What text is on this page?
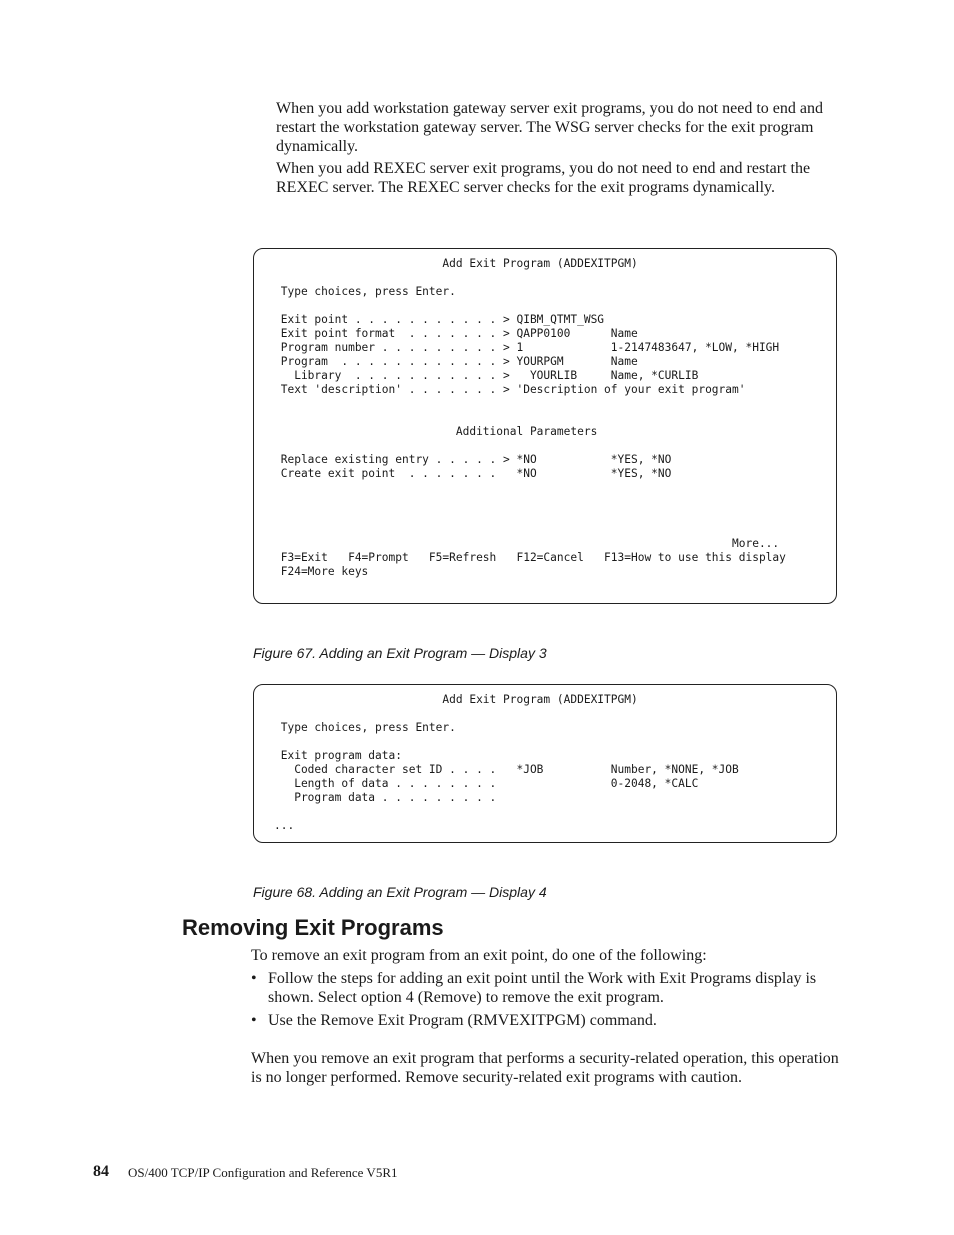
When you add workstation gateway server exit programs, you do not need to end and restart the workstation gateway server. The WSG server checks for the exit program dynamically.

When you add REXEC server exit programs, you do not need to end and restart the REXEC server. The REXEC server checks for the exit programs dynamically.

Add Exit Program (ADDEXITPGM)
Type choices, press Enter.
Exit point . . . . . . . . . . . > QIBM_QTMT_WSG
Exit point format  . . . . . . . > QAPP0100      Name
Program number . . . . . . . . . > 1             1-2147483647, *LOW, *HIGH
Program  . . . . . . . . . . . . > YOURPGM       Name
Library  . . . . . . . . . . . >   YOURLIB     Name, *CURLIB
Text 'description' . . . . . . . > 'Description of your exit program'
Additional Parameters
Replace existing entry . . . . . > *NO           *YES, *NO
Create exit point  . . . . . . .   *NO           *YES, *NO
More...
F3=Exit   F4=Prompt   F5=Refresh   F12=Cancel   F13=How to use this display
F24=More keys
Figure 67. Adding an Exit Program — Display 3
Add Exit Program (ADDEXITPGM)
Type choices, press Enter.
Exit program data:
Coded character set ID . . . .   *JOB          Number, *NONE, *JOB
Length of data . . . . . . . .                 0-2048, *CALC
Program data . . . . . . . . .
...
Figure 68. Adding an Exit Program — Display 4
Removing Exit Programs
To remove an exit program from an exit point, do one of the following:
• Follow the steps for adding an exit point until the Work with Exit Programs display is shown. Select option 4 (Remove) to remove the exit program.
• Use the Remove Exit Program (RMVEXITPGM) command.

When you remove an exit program that performs a security-related operation, this operation is no longer performed. Remove security-related exit programs with caution.

84 OS/400 TCP/IP Configuration and Reference V5R1
